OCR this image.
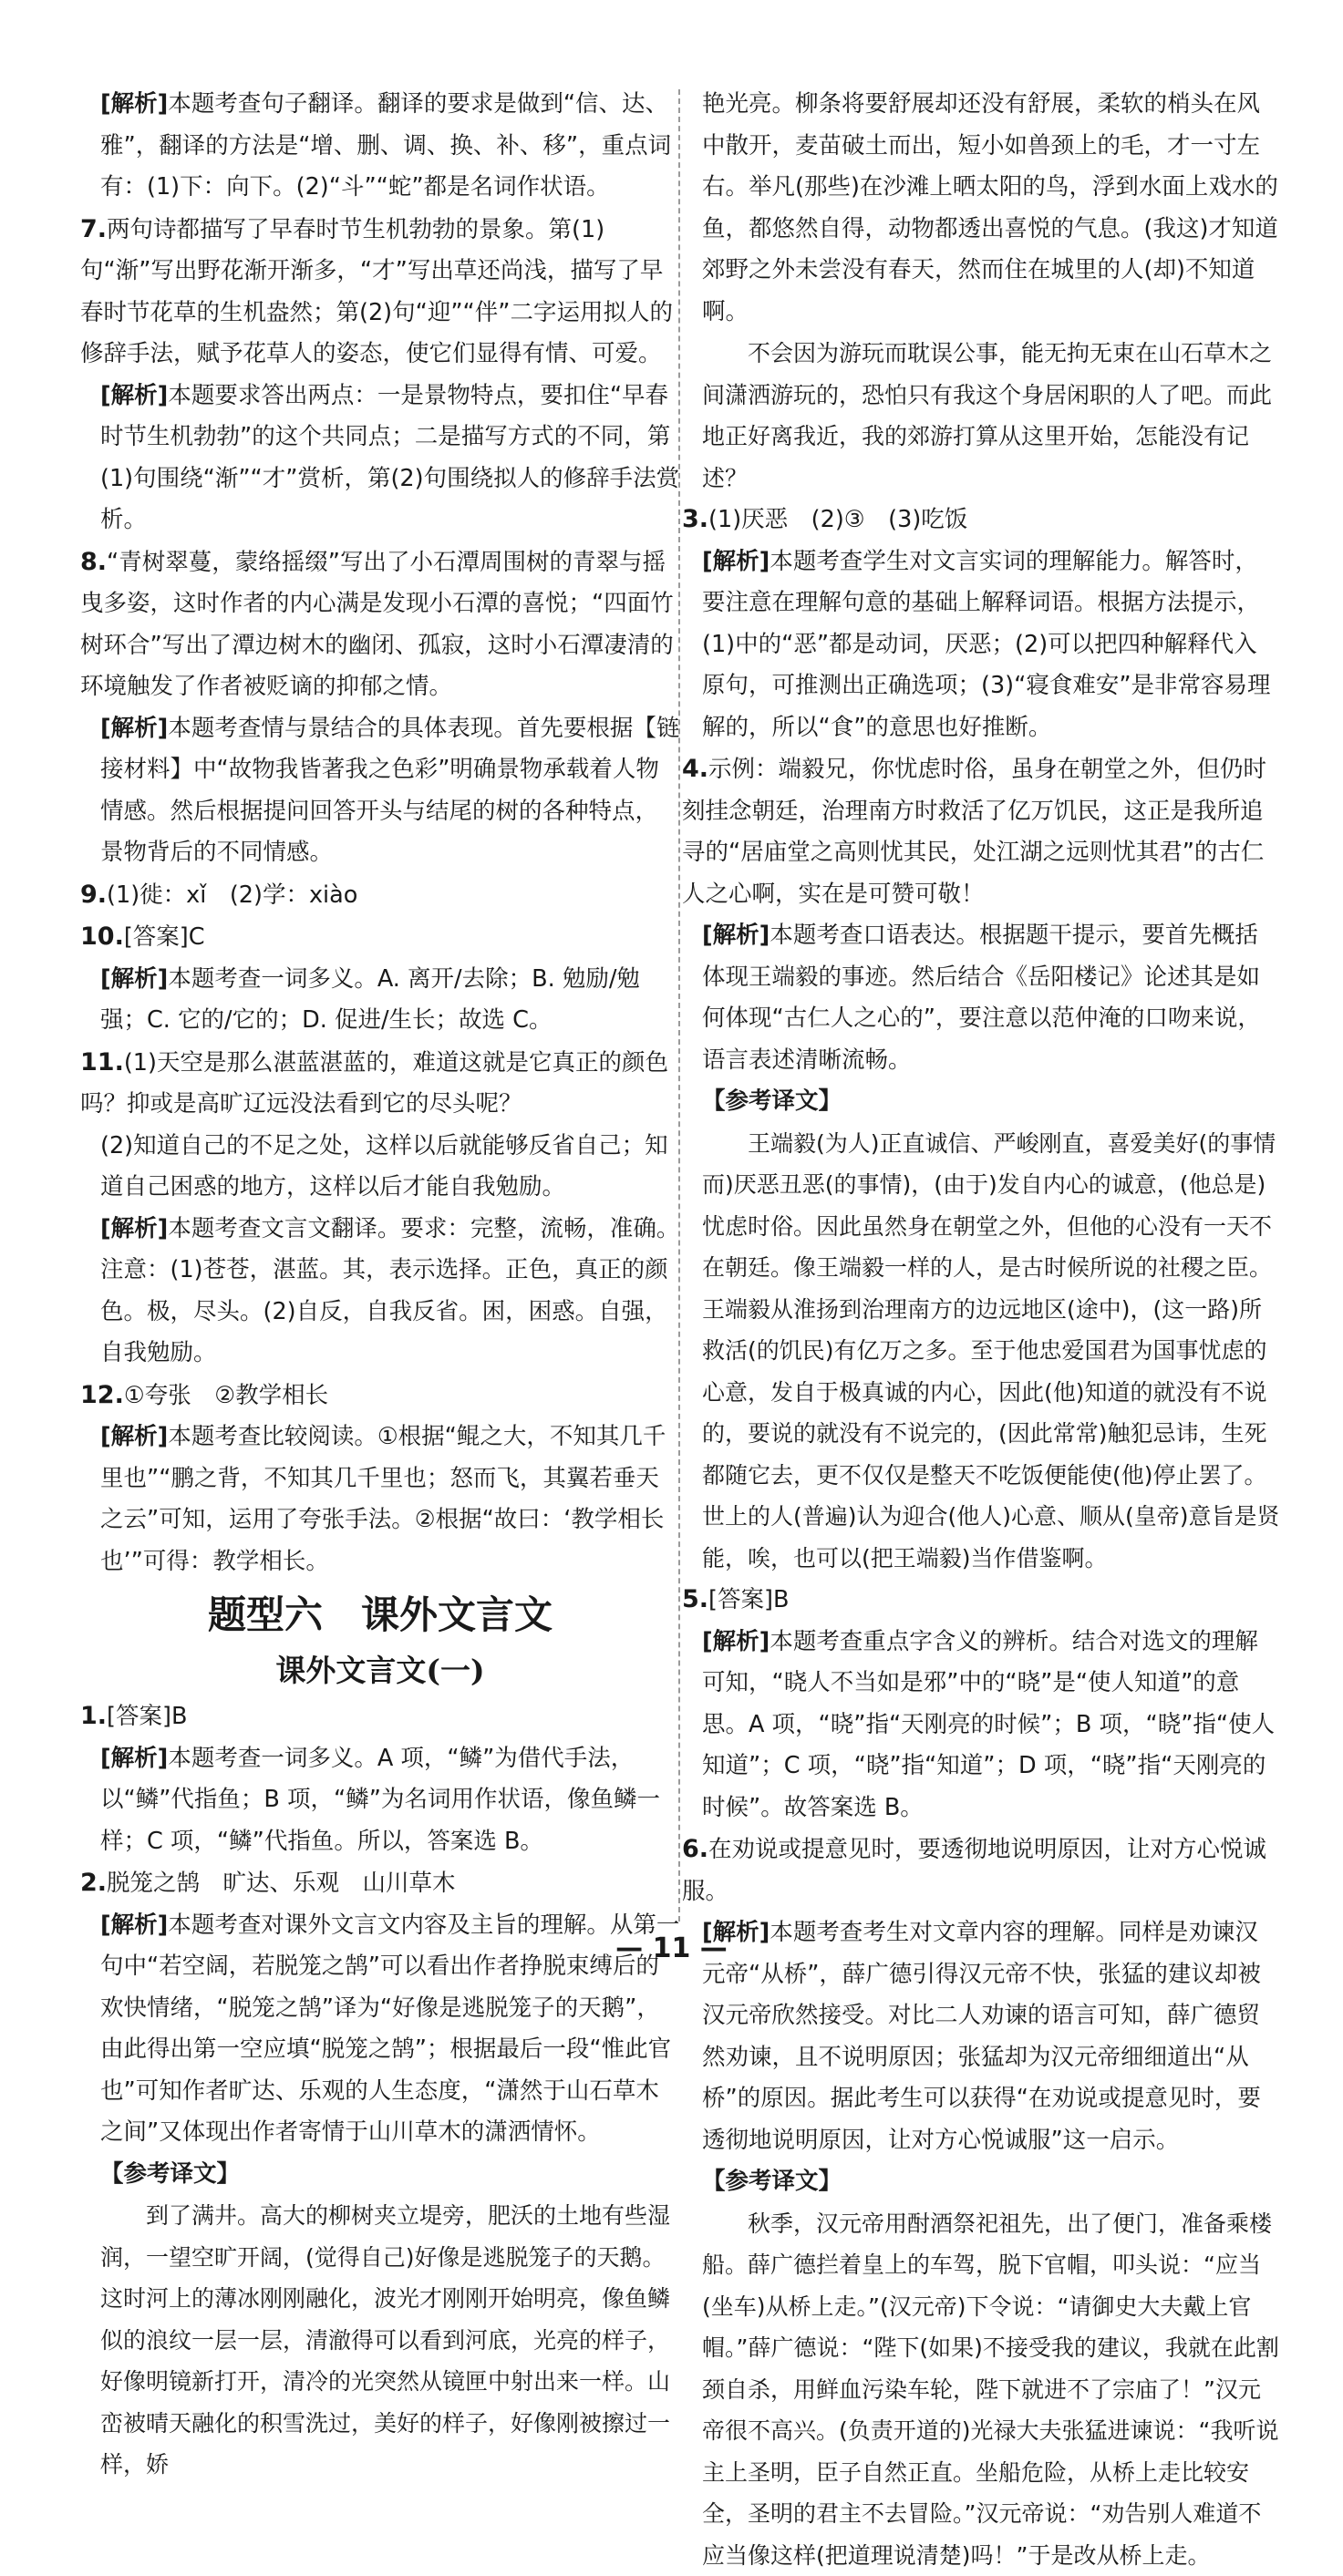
[解析]本题考查句子翻译。翻译的要求是做到“信、达、雅”，翻译的方法是“增、删、调、换、补、移”，重点词有：(1)下：向下。(2)“斗”“蛇”都是名词作状语。

7.两句诗都描写了早春时节生机勃勃的景象。第(1)句“渐”写出野花渐开渐多，“才”写出草还尚浅，描写了早春时节花草的生机盎然；第(2)句“迎”“伴”二字运用拟人的修辞手法，赋予花草人的姿态，使它们显得有情、可爱。

[解析]本题要求答出两点：一是景物特点，要扣住“早春时节生机勃勃”的这个共同点；二是描写方式的不同，第(1)句围绕“渐”“才”赏析，第(2)句围绕拟人的修辞手法赏析。

8.“青树翠蔓，蒙络摇缀”写出了小石潭周围树的青翠与摇曳多姿，这时作者的内心满是发现小石潭的喜悦；“四面竹树环合”写出了潭边树木的幽闭、孤寂，这时小石潭凄清的环境触发了作者被贬谪的抑郁之情。

[解析]本题考查情与景结合的具体表现。首先要根据【链接材料】中“故物我皆著我之色彩”明确景物承载着人物情感。然后根据提问回答开头与结尾的树的各种特点，景物背后的不同情感。

9.(1)徙：xǐ　(2)学：xiào

10.[答案]C

[解析]本题考查一词多义。A. 离开/去除；B. 勉励/勉强；C. 它的/它的；D. 促进/生长；故选 C。

11.(1)天空是那么湛蓝湛蓝的，难道这就是它真正的颜色吗？抑或是高旷辽远没法看到它的尽头呢？

(2)知道自己的不足之处，这样以后就能够反省自己；知道自己困惑的地方，这样以后才能自我勉励。

[解析]本题考查文言文翻译。要求：完整，流畅，准确。注意：(1)苍苍，湛蓝。其，表示选择。正色，真正的颜色。极，尽头。(2)自反，自我反省。困，困惑。自强，自我勉励。

12.①夸张　②教学相长

[解析]本题考查比较阅读。①根据“鲲之大，不知其几千里也”“鹏之背，不知其几千里也；怒而飞，其翼若垂天之云”可知，运用了夸张手法。②根据“故曰：‘教学相长也’”可得：教学相长。

题型六　课外文言文

课外文言文(一)

1.[答案]B

[解析]本题考查一词多义。A 项，“鳞”为借代手法，以“鳞”代指鱼；B 项，“鳞”为名词用作状语，像鱼鳞一样；C 项，“鳞”代指鱼。所以，答案选 B。

2.脱笼之鹄　旷达、乐观　山川草木

[解析]本题考查对课外文言文内容及主旨的理解。从第一句中“若空阔，若脱笼之鹄”可以看出作者挣脱束缚后的欢快情绪，“脱笼之鹄”译为“好像是逃脱笼子的天鹅”，由此得出第一空应填“脱笼之鹄”；根据最后一段“惟此官也”可知作者旷达、乐观的人生态度，“潇然于山石草木之间”又体现出作者寄情于山川草木的潇洒情怀。

【参考译文】

到了满井。高大的柳树夹立堤旁，肥沃的土地有些湿润，一望空旷开阔，(觉得自己)好像是逃脱笼子的天鹅。这时河上的薄冰刚刚融化，波光才刚刚开始明亮，像鱼鳞似的浪纹一层一层，清澈得可以看到河底，光亮的样子，好像明镜新打开，清冷的光突然从镜匣中射出来一样。山峦被晴天融化的积雪洗过，美好的样子，好像刚被擦过一样，娇

艳光亮。柳条将要舒展却还没有舒展，柔软的梢头在风中散开，麦苗破土而出，短小如兽颈上的毛，才一寸左右。举凡(那些)在沙滩上晒太阳的鸟，浮到水面上戏水的鱼，都悠然自得，动物都透出喜悦的气息。(我这)才知道郊野之外未尝没有春天，然而住在城里的人(却)不知道啊。

不会因为游玩而耽误公事，能无拘无束在山石草木之间潇洒游玩的，恐怕只有我这个身居闲职的人了吧。而此地正好离我近，我的郊游打算从这里开始，怎能没有记述？

3.(1)厌恶　(2)③　(3)吃饭

[解析]本题考查学生对文言实词的理解能力。解答时，要注意在理解句意的基础上解释词语。根据方法提示，(1)中的“恶”都是动词，厌恶；(2)可以把四种解释代入原句，可推测出正确选项；(3)“寝食难安”是非常容易理解的，所以“食”的意思也好推断。

4.示例：端毅兄，你忧虑时俗，虽身在朝堂之外，但仍时刻挂念朝廷，治理南方时救活了亿万饥民，这正是我所追寻的“居庙堂之高则忧其民，处江湖之远则忧其君”的古仁人之心啊，实在是可赞可敬！

[解析]本题考查口语表达。根据题干提示，要首先概括体现王端毅的事迹。然后结合《岳阳楼记》论述其是如何体现“古仁人之心的”，要注意以范仲淹的口吻来说，语言表述清晰流畅。

【参考译文】

王端毅(为人)正直诚信、严峻刚直，喜爱美好(的事情而)厌恶丑恶(的事情)，(由于)发自内心的诚意，(他总是)忧虑时俗。因此虽然身在朝堂之外，但他的心没有一天不在朝廷。像王端毅一样的人，是古时候所说的社稷之臣。王端毅从淮扬到治理南方的边远地区(途中)，(这一路)所救活(的饥民)有亿万之多。至于他忠爱国君为国事忧虑的心意，发自于极真诚的内心，因此(他)知道的就没有不说的，要说的就没有不说完的，(因此常常)触犯忌讳，生死都随它去，更不仅仅是整天不吃饭便能使(他)停止罢了。世上的人(普遍)认为迎合(他人)心意、顺从(皇帝)意旨是贤能，唉，也可以(把王端毅)当作借鉴啊。

5.[答案]B

[解析]本题考查重点字含义的辨析。结合对选文的理解可知，“晓人不当如是邪”中的“晓”是“使人知道”的意思。A 项，“晓”指“天刚亮的时候”；B 项，“晓”指“使人知道”；C 项，“晓”指“知道”；D 项，“晓”指“天刚亮的时候”。故答案选 B。

6.在劝说或提意见时，要透彻地说明原因，让对方心悦诚服。

[解析]本题考查考生对文章内容的理解。同样是劝谏汉元帝“从桥”，薛广德引得汉元帝不快，张猛的建议却被汉元帝欣然接受。对比二人劝谏的语言可知，薛广德贸然劝谏，且不说明原因；张猛却为汉元帝细细道出“从桥”的原因。据此考生可以获得“在劝说或提意见时，要透彻地说明原因，让对方心悦诚服”这一启示。

【参考译文】

秋季，汉元帝用酎酒祭祀祖先，出了便门，准备乘楼船。薛广德拦着皇上的车驾，脱下官帽，叩头说：“应当(坐车)从桥上走。”(汉元帝)下令说：“请御史大夫戴上官帽。”薛广德说：“陛下(如果)不接受我的建议，我就在此割颈自杀，用鲜血污染车轮，陛下就进不了宗庙了！”汉元帝很不高兴。(负责开道的)光禄大夫张猛进谏说：“我听说主上圣明，臣子自然正直。坐船危险，从桥上走比较安全，圣明的君主不去冒险。”汉元帝说：“劝告别人难道不应当像这样(把道理说清楚)吗！”于是改从桥上走。

— 11 —
